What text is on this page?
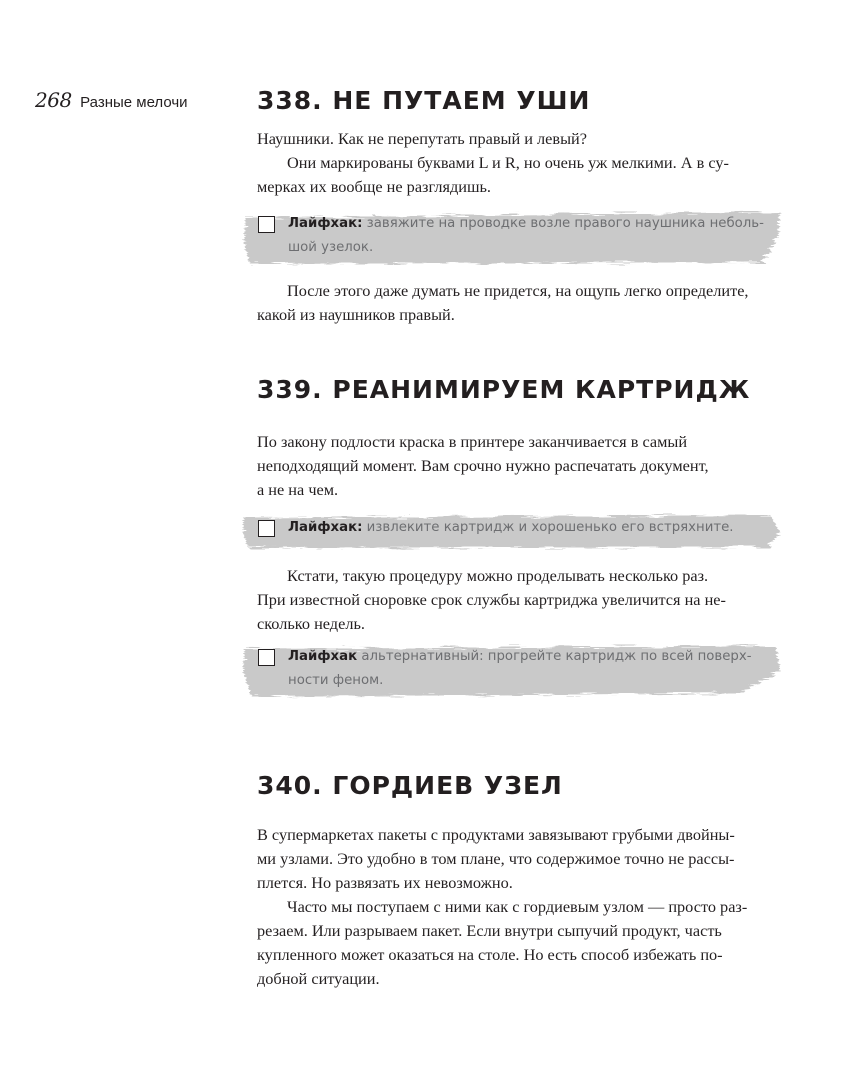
268 Разные мелочи	338. НЕ ПУТАЕМ УШИ
Наушники. Как не перепутать правый и левый?
Они маркированы буквами L и R, но очень уж мелкими. А в су-
мерках их вообще не разглядишь.
Лайфхак: завяжите на проводке возле правого наушника неболь-
шой узелок.
После этого даже думать не придется, на ощупь легко определите,
какой из наушников правый.
339. РЕАНИМИРУЕМ КАРТРИДЖ
По закону подлости краска в принтере заканчивается в самый
неподходящий момент. Вам срочно нужно распечатать документ,
а не на чем.
Лайфхак: извлеките картридж и хорошенько его встряхните.
Кстати, такую процедуру можно проделывать несколько раз.
При известной сноровке срок службы картриджа увеличится на не-
сколько недель.
Лайфхак альтернативный: прогрейте картридж по всей поверх-
ности феном.
340. ГОРДИЕВ УЗЕЛ
В супермаркетах пакеты с продуктами завязывают грубыми двойны-
ми узлами. Это удобно в том плане, что содержимое точно не рассы-
плется. Но развязать их невозможно.
Часто мы поступаем с ними как с гордиевым узлом — просто раз-
резаем. Или разрываем пакет. Если внутри сыпучий продукт, часть
купленного может оказаться на столе. Но есть способ избежать по-
добной ситуации.
